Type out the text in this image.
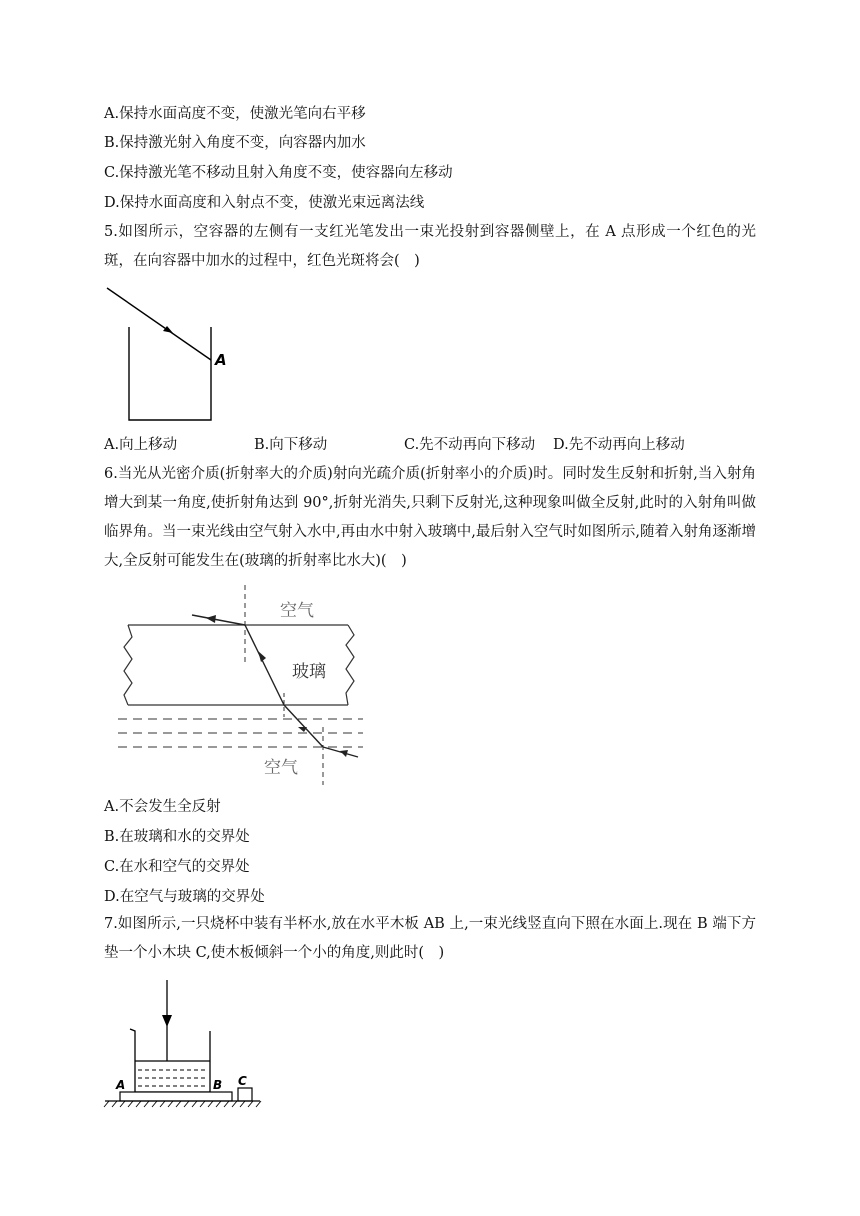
A.保持水面高度不变，使激光笔向右平移
B.保持激光射入角度不变，向容器内加水
C.保持激光笔不移动且射入角度不变，使容器向左移动
D.保持水面高度和入射点不变，使激光束远离法线
5.如图所示，空容器的左侧有一支红光笔发出一束光投射到容器侧壁上，在 A 点形成一个红色的光斑，在向容器中加水的过程中，红色光斑将会(　)
A
A.向上移动	B.向下移动	C.先不动再向下移动 D.先不动再向上移动
6.当光从光密介质(折射率大的介质)射向光疏介质(折射率小的介质)时。同时发生反射和折射,当入射角增大到某一角度,使折射角达到 90°,折射光消失,只剩下反射光,这种现象叫做全反射,此时的入射角叫做临界角。当一束光线由空气射入水中,再由水中射入玻璃中,最后射入空气时如图所示,随着入射角逐渐增大,全反射可能发生在(玻璃的折射率比水大)(　)
空气
玻璃
空气
A.不会发生全反射
B.在玻璃和水的交界处
C.在水和空气的交界处
D.在空气与玻璃的交界处
7.如图所示,一只烧杯中装有半杯水,放在水平木板 AB 上,一束光线竖直向下照在水面上.现在 B 端下方垫一个小木块 C,使木板倾斜一个小的角度,则此时(　)
A	B C
